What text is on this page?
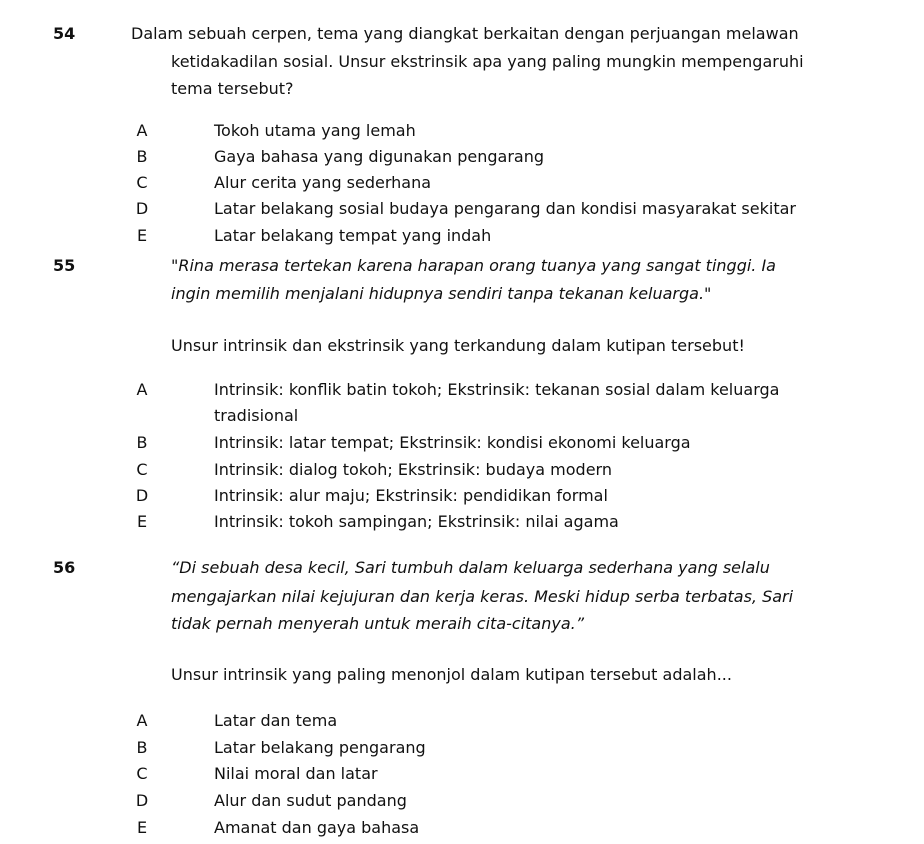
54	Dalam sebuah cerpen, tema yang diangkat berkaitan dengan perjuangan melawan
ketidakadilan sosial. Unsur ekstrinsik apa yang paling mungkin mempengaruhi
tema tersebut?
A	Tokoh utama yang lemah
B	Gaya bahasa yang digunakan pengarang
C	Alur cerita yang sederhana
D	Latar belakang sosial budaya pengarang dan kondisi masyarakat sekitar
E	Latar belakang tempat yang indah
55	"Rina merasa tertekan karena harapan orang tuanya yang sangat tinggi. Ia
ingin memilih menjalani hidupnya sendiri tanpa tekanan keluarga."
Unsur intrinsik dan ekstrinsik yang terkandung dalam kutipan tersebut!
A	Intrinsik: konflik batin tokoh; Ekstrinsik: tekanan sosial dalam keluarga
tradisional
B	Intrinsik: latar tempat; Ekstrinsik: kondisi ekonomi keluarga
C	Intrinsik: dialog tokoh; Ekstrinsik: budaya modern
D	Intrinsik: alur maju; Ekstrinsik: pendidikan formal
E	Intrinsik: tokoh sampingan; Ekstrinsik: nilai agama
56	“Di sebuah desa kecil, Sari tumbuh dalam keluarga sederhana yang selalu
mengajarkan nilai kejujuran dan kerja keras. Meski hidup serba terbatas, Sari
tidak pernah menyerah untuk meraih cita-citanya.”
Unsur intrinsik yang paling menonjol dalam kutipan tersebut adalah...
A	Latar dan tema
B	Latar belakang pengarang
C	Nilai moral dan latar
D	Alur dan sudut pandang
E	Amanat dan gaya bahasa
